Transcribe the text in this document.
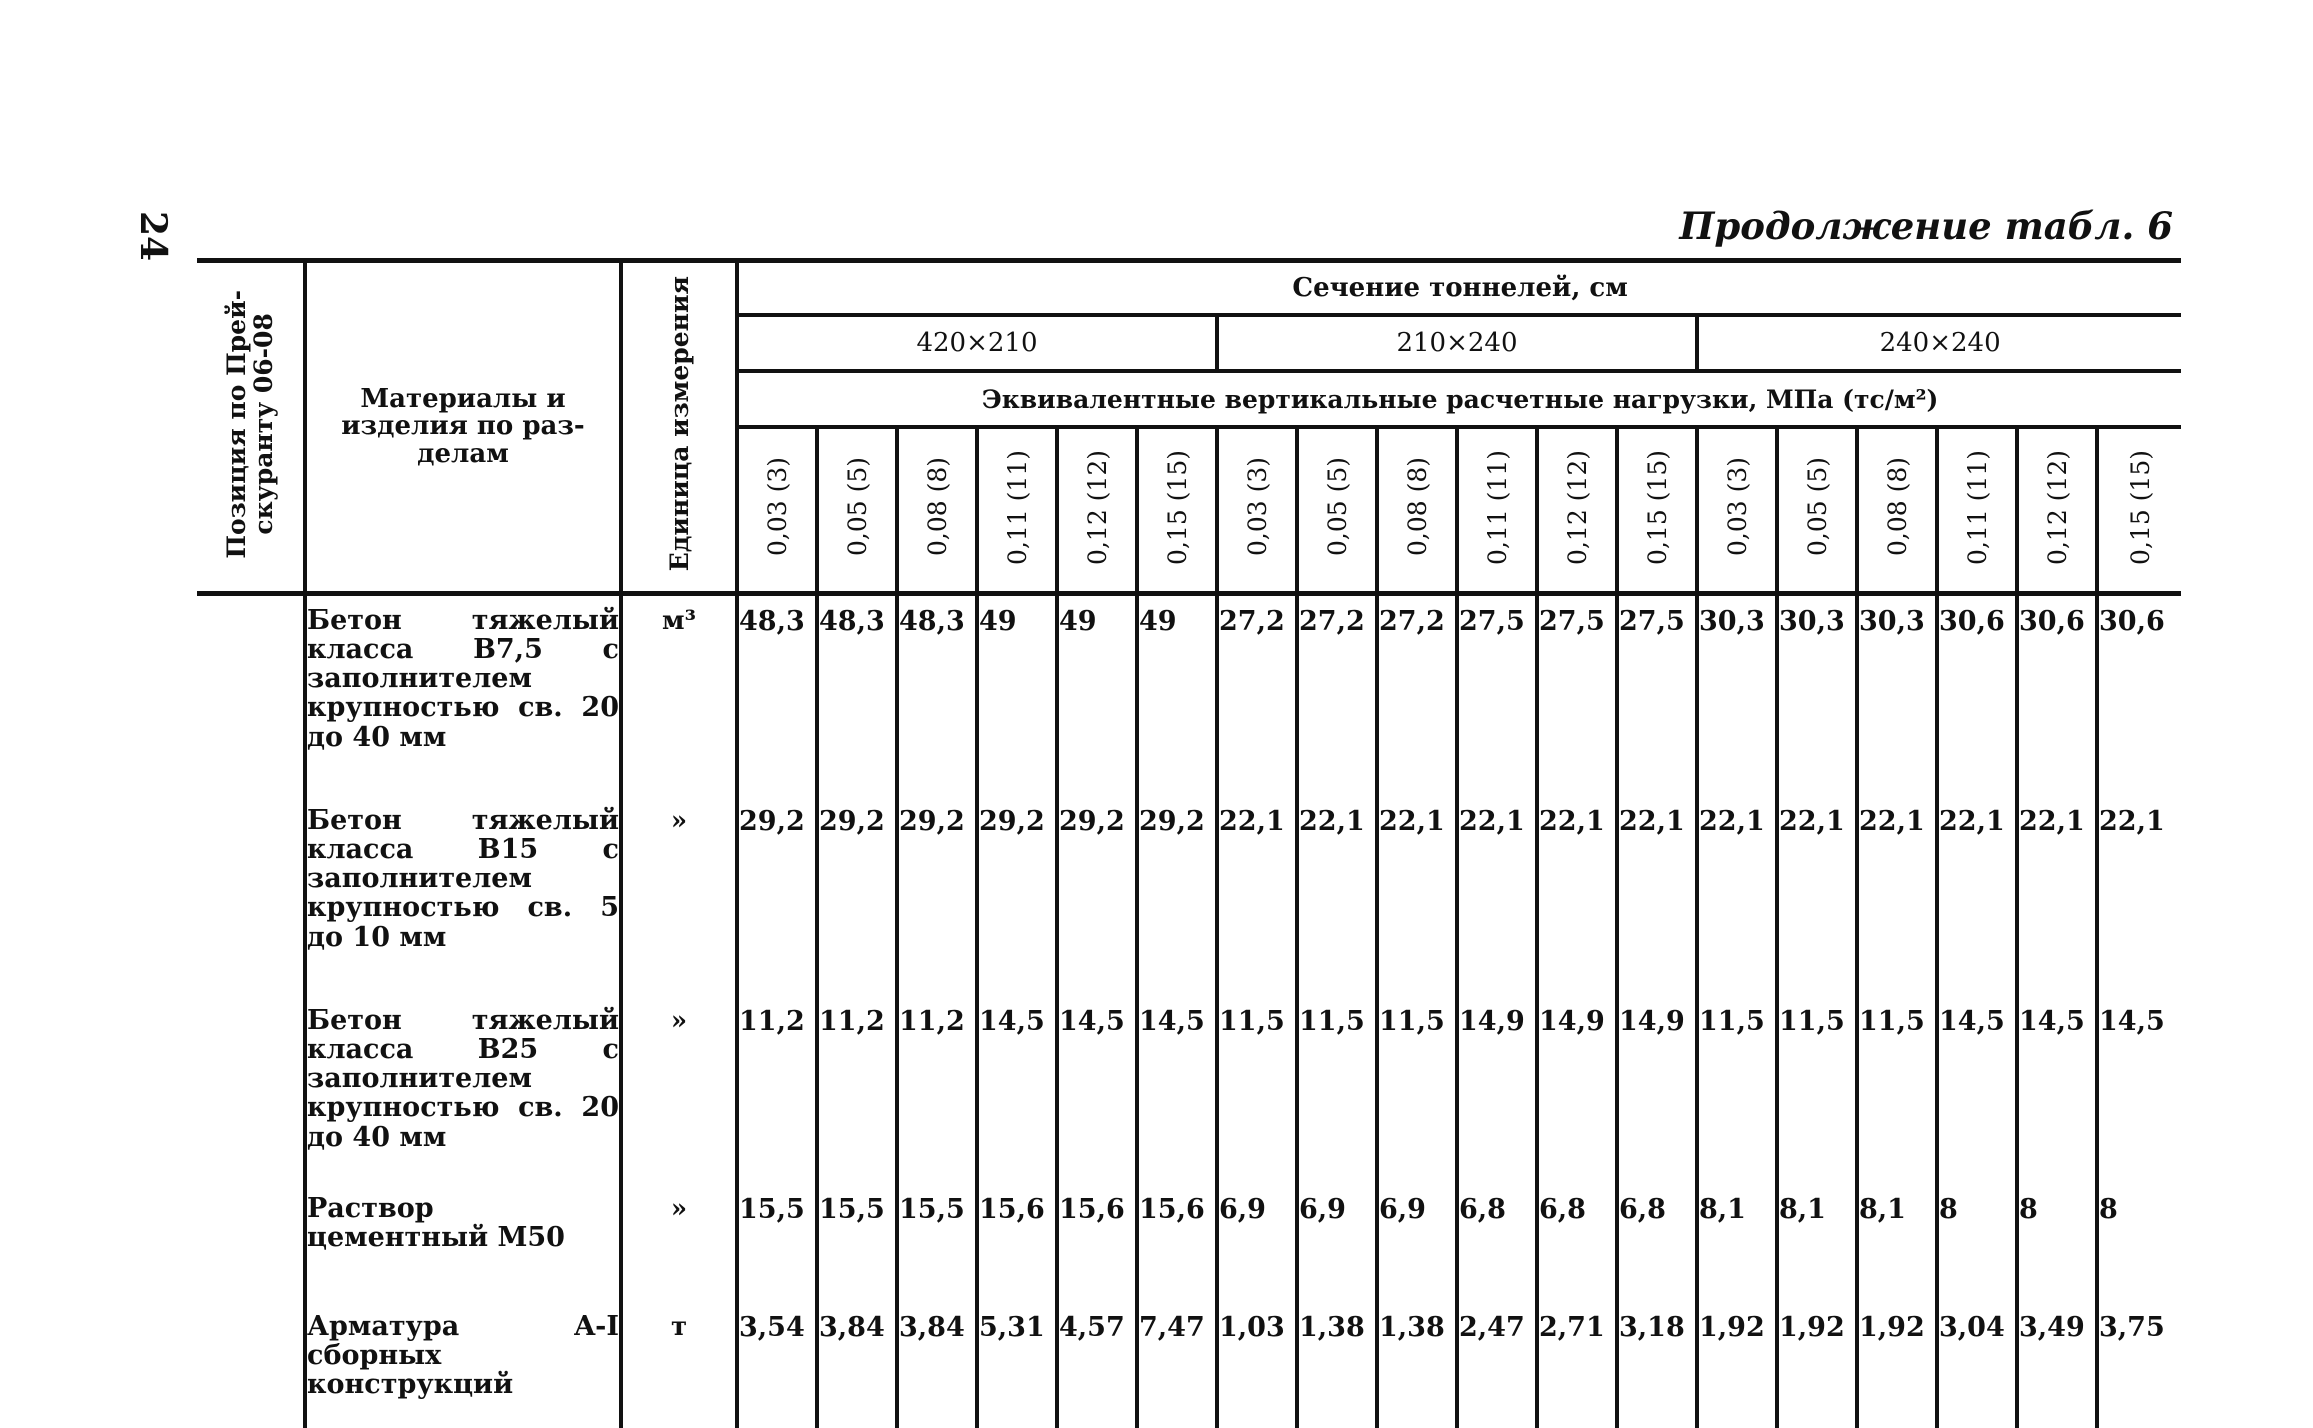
24	Продолжение табл. 6
Позиция по Прей-
скуранту 06-08	Материалы и
изделия по раз-
делам	Единица измерения	Сечение тоннелей, см																	
			420×210						210×240						240×240					
			Эквивалентные вертикальные расчетные нагрузки, МПа (тс/м²)																	
			0,03 (3)	0,05 (5)	0,08 (8)	0,11 (11)	0,12 (12)	0,15 (15)	0,03 (3)	0,05 (5)	0,08 (8)	0,11 (11)	0,12 (12)	0,15 (15)	0,03 (3)	0,05 (5)	0,08 (8)	0,11 (11)	0,12 (12)	0,15 (15)

	Бетон тяжелый класса В7,5 с заполнителем крупностью св. 20 до 40 мм	м³	48,3	48,3	48,3	49	49	49	27,2	27,2	27,2	27,5	27,5	27,5	30,3	30,3	30,3	30,6	30,6	30,6
	Бетон тяжелый класса В15 с заполнителем крупностью св. 5 до 10 мм	»	29,2	29,2	29,2	29,2	29,2	29,2	22,1	22,1	22,1	22,1	22,1	22,1	22,1	22,1	22,1	22,1	22,1	22,1
	Бетон тяжелый класса В25 с заполнителем крупностью св. 20 до 40 мм	»	11,2	11,2	11,2	14,5	14,5	14,5	11,5	11,5	11,5	14,9	14,9	14,9	11,5	11,5	11,5	14,5	14,5	14,5
	Раствор цементный М50	»	15,5	15,5	15,5	15,6	15,6	15,6	6,9	6,9	6,9	6,8	6,8	6,8	8,1	8,1	8,1	8	8	8
	Арматура A-I сборных конструкций	т	3,54	3,84	3,84	5,31	4,57	7,47	1,03	1,38	1,38	2,47	2,71	3,18	1,92	1,92	1,92	3,04	3,49	3,75
